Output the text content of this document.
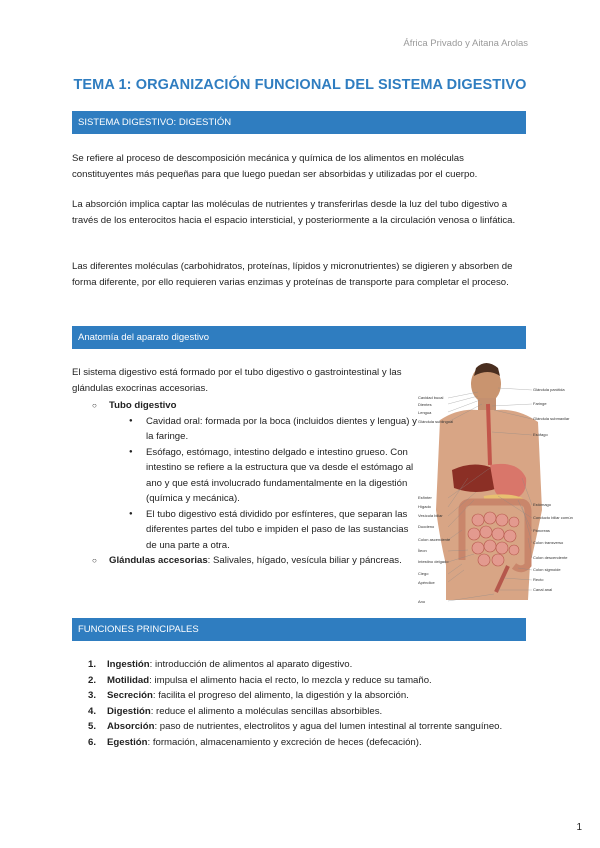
África Privado y Aitana Arolas
TEMA 1: ORGANIZACIÓN FUNCIONAL DEL SISTEMA DIGESTIVO
SISTEMA DIGESTIVO: DIGESTIÓN

Se refiere al proceso de descomposición mecánica y química de los alimentos en moléculas constituyentes más pequeñas para que luego puedan ser absorbidas y utilizadas por el cuerpo.

La absorción implica captar las moléculas de nutrientes y transferirlas desde la luz del tubo digestivo a través de los enterocitos hacia el espacio intersticial, y posteriormente a la circulación venosa o linfática.

Las diferentes moléculas (carbohidratos, proteínas, lípidos y micronutrientes) se digieren y absorben de forma diferente, por ello requieren varias enzimas y proteínas de transporte para completar el proceso.

Anatomía del aparato digestivo

El sistema digestivo está formado por el tubo digestivo o gastrointestinal y las glándulas exocrinas accesorias.

○ Tubo digestivo
● Cavidad oral: formada por la boca (incluidos dientes y lengua) y la faringe.
● Esófago, estómago, intestino delgado e intestino grueso. Con intestino se refiere a la estructura que va desde el estómago al ano y que está involucrado fundamentalmente en la digestión (química y mecánica).
● El tubo digestivo está dividido por esfínteres, que separan las diferentes partes del tubo e impiden el paso de las sustancias de una parte a otra.
○ Glándulas accesorias: Salivales, hígado, vesícula biliar y páncreas.
Cavidad bucal
Dientes
Lengua
Glándula sublingual
Esfínter
Hígado
Vesícula biliar
Duodeno
Colon ascendente
Íleon
Intestino delgado
Ciego
Apéndice
Ano
Glándula parótida
Faringe
Glándula submaxilar
Esófago
Estómago
Conducto biliar común
Páncreas
Colon transverso
Colon descendente
Colon sigmoide
Recto
Canal anal
FUNCIONES PRINCIPALES
1. Ingestión: introducción de alimentos al aparato digestivo.
2. Motilidad: impulsa el alimento hacia el recto, lo mezcla y reduce su tamaño.
3. Secreción: facilita el progreso del alimento, la digestión y la absorción.
4. Digestión: reduce el alimento a moléculas sencillas absorbibles.
5. Absorción: paso de nutrientes, electrolitos y agua del lumen intestinal al torrente sanguíneo.
6. Egestión: formación, almacenamiento y excreción de heces (defecación).
1
